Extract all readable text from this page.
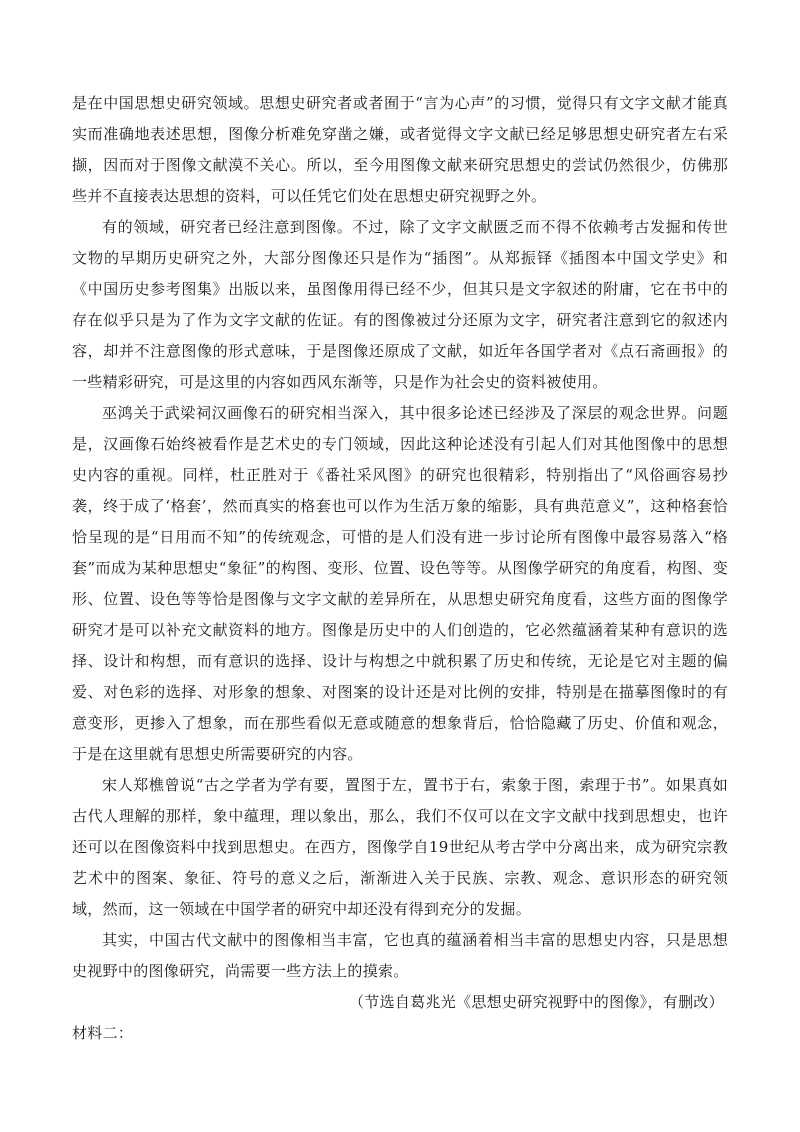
是在中国思想史研究领域。思想史研究者或者囿于“言为心声”的习惯，觉得只有文字文献才能真实而准确地表述思想，图像分析难免穿凿之嫌，或者觉得文字文献已经足够思想史研究者左右采撷，因而对于图像文献漠不关心。所以，至今用图像文献来研究思想史的尝试仍然很少，仿佛那些并不直接表达思想的资料，可以任凭它们处在思想史研究视野之外。

有的领域，研究者已经注意到图像。不过，除了文字文献匮乏而不得不依赖考古发掘和传世文物的早期历史研究之外，大部分图像还只是作为“插图”。从郑振铎《插图本中国文学史》和《中国历史参考图集》出版以来，虽图像用得已经不少，但其只是文字叙述的附庸，它在书中的存在似乎只是为了作为文字文献的佐证。有的图像被过分还原为文字，研究者注意到它的叙述内容，却并不注意图像的形式意味，于是图像还原成了文献，如近年各国学者对《点石斋画报》的一些精彩研究，可是这里的内容如西风东渐等，只是作为社会史的资料被使用。

巫鸿关于武梁祠汉画像石的研究相当深入，其中很多论述已经涉及了深层的观念世界。问题是，汉画像石始终被看作是艺术史的专门领域，因此这种论述没有引起人们对其他图像中的思想史内容的重视。同样，杜正胜对于《番社采风图》的研究也很精彩，特别指出了“风俗画容易抄袭，终于成了‘格套’，然而真实的格套也可以作为生活万象的缩影，具有典范意义”，这种格套恰恰呈现的是“日用而不知”的传统观念，可惜的是人们没有进一步讨论所有图像中最容易落入“格套”而成为某种思想史“象征”的构图、变形、位置、设色等等。从图像学研究的角度看，构图、变形、位置、设色等等恰是图像与文字文献的差异所在，从思想史研究角度看，这些方面的图像学研究才是可以补充文献资料的地方。图像是历史中的人们创造的，它必然蕴涵着某种有意识的选择、设计和构想，而有意识的选择、设计与构想之中就积累了历史和传统，无论是它对主题的偏爱、对色彩的选择、对形象的想象、对图案的设计还是对比例的安排，特别是在描摹图像时的有意变形，更掺入了想象，而在那些看似无意或随意的想象背后，恰恰隐藏了历史、价值和观念，于是在这里就有思想史所需要研究的内容。

宋人郑樵曾说“古之学者为学有要，置图于左，置书于右，索象于图，索理于书”。如果真如古代人理解的那样，象中蕴理，理以象出，那么，我们不仅可以在文字文献中找到思想史，也许还可以在图像资料中找到思想史。在西方，图像学自19世纪从考古学中分离出来，成为研究宗教艺术中的图案、象征、符号的意义之后，渐渐进入关于民族、宗教、观念、意识形态的研究领域，然而，这一领域在中国学者的研究中却还没有得到充分的发掘。

其实，中国古代文献中的图像相当丰富，它也真的蕴涵着相当丰富的思想史内容，只是思想史视野中的图像研究，尚需要一些方法上的摸索。

（节选自葛兆光《思想史研究视野中的图像》，有删改）

材料二：
